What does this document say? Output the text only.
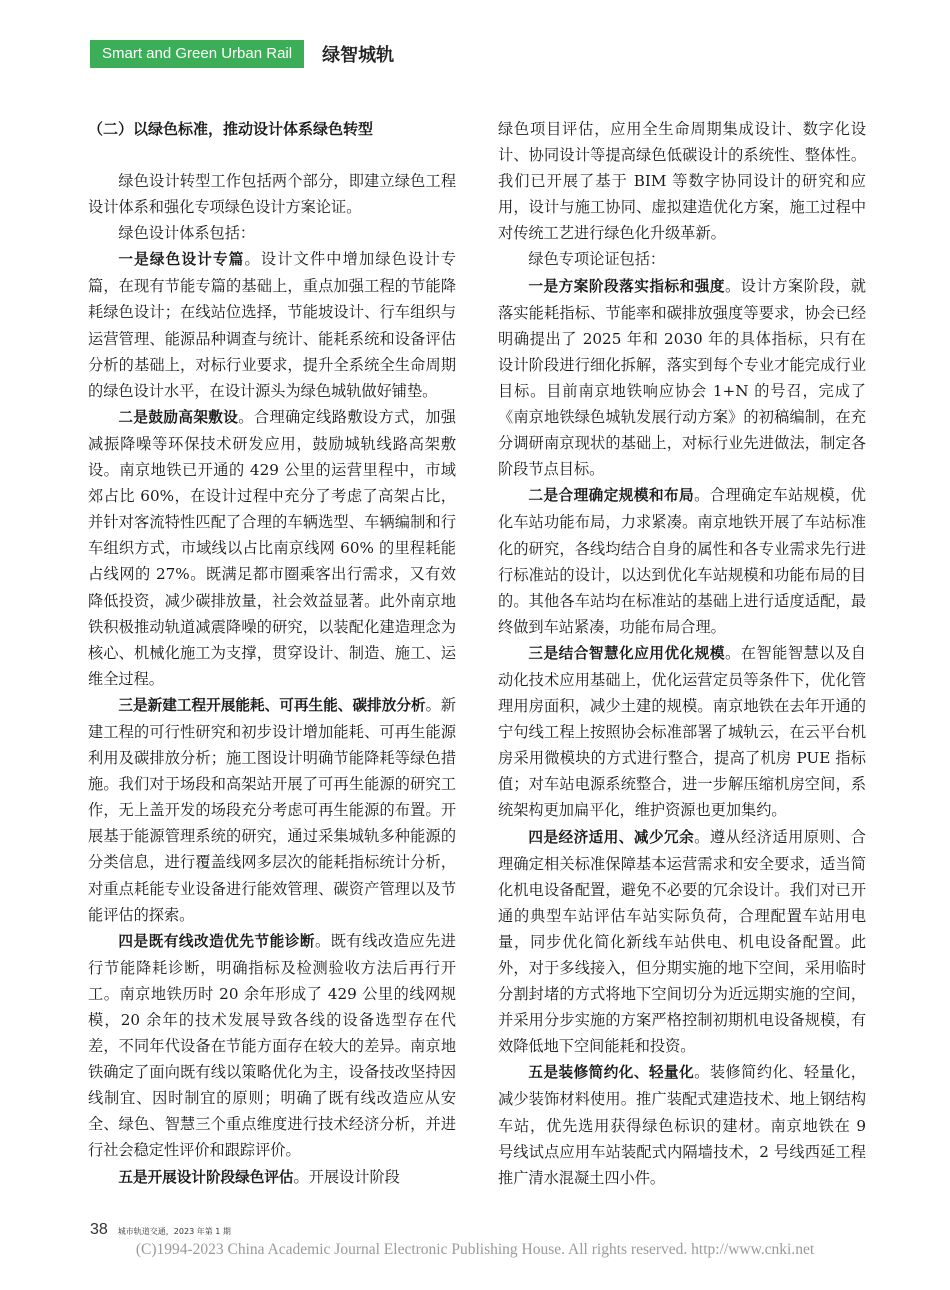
Smart and Green Urban Rail	绿智城轨
（二）以绿色标准，推动设计体系绿色转型

绿色设计转型工作包括两个部分，即建立绿色工程设计体系和强化专项绿色设计方案论证。

绿色设计体系包括：

一是绿色设计专篇。设计文件中增加绿色设计专篇，在现有节能专篇的基础上，重点加强工程的节能降耗绿色设计；在线站位选择，节能坡设计、行车组织与运营管理、能源品种调查与统计、能耗系统和设备评估分析的基础上，对标行业要求，提升全系统全生命周期的绿色设计水平，在设计源头为绿色城轨做好铺垫。

二是鼓励高架敷设。合理确定线路敷设方式，加强减振降噪等环保技术研发应用，鼓励城轨线路高架敷设。南京地铁已开通的 429 公里的运营里程中，市域郊占比 60%，在设计过程中充分了考虑了高架占比，并针对客流特性匹配了合理的车辆选型、车辆编制和行车组织方式，市域线以占比南京线网 60% 的里程耗能占线网的 27%。既满足都市圈乘客出行需求，又有效降低投资，减少碳排放量，社会效益显著。此外南京地铁积极推动轨道减震降噪的研究，以装配化建造理念为核心、机械化施工为支撑，贯穿设计、制造、施工、运维全过程。

三是新建工程开展能耗、可再生能、碳排放分析。新建工程的可行性研究和初步设计增加能耗、可再生能源利用及碳排放分析；施工图设计明确节能降耗等绿色措施。我们对于场段和高架站开展了可再生能源的研究工作，无上盖开发的场段充分考虑可再生能源的布置。开展基于能源管理系统的研究，通过采集城轨多种能源的分类信息，进行覆盖线网多层次的能耗指标统计分析，对重点耗能专业设备进行能效管理、碳资产管理以及节能评估的探索。

四是既有线改造优先节能诊断。既有线改造应先进行节能降耗诊断，明确指标及检测验收方法后再行开工。南京地铁历时 20 余年形成了 429 公里的线网规模，20 余年的技术发展导致各线的设备选型存在代差，不同年代设备在节能方面存在较大的差异。南京地铁确定了面向既有线以策略优化为主，设备技改坚持因线制宜、因时制宜的原则；明确了既有线改造应从安全、绿色、智慧三个重点维度进行技术经济分析，并进行社会稳定性评价和跟踪评价。

五是开展设计阶段绿色评估。开展设计阶段

绿色项目评估，应用全生命周期集成设计、数字化设计、协同设计等提高绿色低碳设计的系统性、整体性。我们已开展了基于 BIM 等数字协同设计的研究和应用，设计与施工协同、虚拟建造优化方案，施工过程中对传统工艺进行绿色化升级革新。

绿色专项论证包括：

一是方案阶段落实指标和强度。设计方案阶段，就落实能耗指标、节能率和碳排放强度等要求，协会已经明确提出了 2025 年和 2030 年的具体指标，只有在设计阶段进行细化拆解，落实到每个专业才能完成行业目标。目前南京地铁响应协会 1+N 的号召，完成了《南京地铁绿色城轨发展行动方案》的初稿编制，在充分调研南京现状的基础上，对标行业先进做法，制定各阶段节点目标。

二是合理确定规模和布局。合理确定车站规模，优化车站功能布局，力求紧凑。南京地铁开展了车站标准化的研究，各线均结合自身的属性和各专业需求先行进行标准站的设计，以达到优化车站规模和功能布局的目的。其他各车站均在标准站的基础上进行适度适配，最终做到车站紧凑，功能布局合理。

三是结合智慧化应用优化规模。在智能智慧以及自动化技术应用基础上，优化运营定员等条件下，优化管理用房面积，减少土建的规模。南京地铁在去年开通的宁句线工程上按照协会标准部署了城轨云，在云平台机房采用微模块的方式进行整合，提高了机房 PUE 指标值；对车站电源系统整合，进一步解压缩机房空间，系统架构更加扁平化，维护资源也更加集约。

四是经济适用、减少冗余。遵从经济适用原则、合理确定相关标准保障基本运营需求和安全要求，适当简化机电设备配置，避免不必要的冗余设计。我们对已开通的典型车站评估车站实际负荷，合理配置车站用电量，同步优化简化新线车站供电、机电设备配置。此外，对于多线接入，但分期实施的地下空间，采用临时分割封堵的方式将地下空间切分为近远期实施的空间，并采用分步实施的方案严格控制初期机电设备规模，有效降低地下空间能耗和投资。

五是装修简约化、轻量化。装修简约化、轻量化，减少装饰材料使用。推广装配式建造技术、地上钢结构车站，优先选用获得绿色标识的建材。南京地铁在 9 号线试点应用车站装配式内隔墙技术，2 号线西延工程推广清水混凝土四小件。

38 城市轨道交通，2023 年第 1 期
(C)1994-2023 China Academic Journal Electronic Publishing House. All rights reserved. http://www.cnki.net
